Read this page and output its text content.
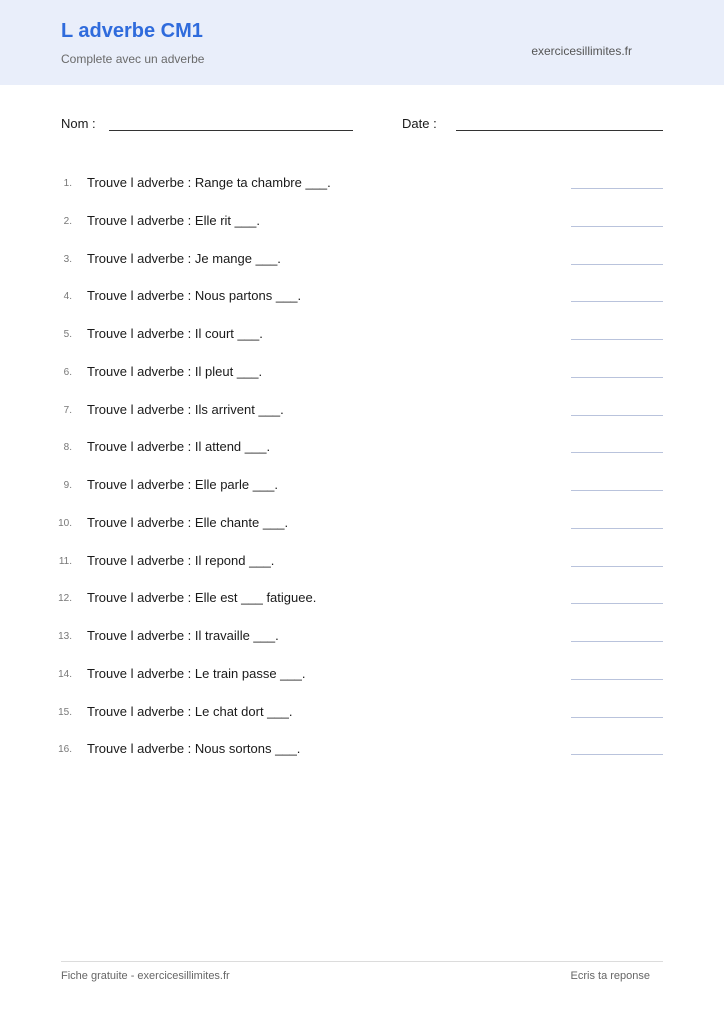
L adverbe CM1
Complete avec un adverbe
exercicesillimites.fr
Nom :	Date :
1. Trouve l adverbe : Range ta chambre ___.
2. Trouve l adverbe : Elle rit ___.
3. Trouve l adverbe : Je mange ___.
4. Trouve l adverbe : Nous partons ___.
5. Trouve l adverbe : Il court ___.
6. Trouve l adverbe : Il pleut ___.
7. Trouve l adverbe : Ils arrivent ___.
8. Trouve l adverbe : Il attend ___.
9. Trouve l adverbe : Elle parle ___.
10. Trouve l adverbe : Elle chante ___.
11. Trouve l adverbe : Il repond ___.
12. Trouve l adverbe : Elle est ___ fatiguee.
13. Trouve l adverbe : Il travaille ___.
14. Trouve l adverbe : Le train passe ___.
15. Trouve l adverbe : Le chat dort ___.
16. Trouve l adverbe : Nous sortons ___.
Fiche gratuite - exercicesillimites.fr	Ecris ta reponse
